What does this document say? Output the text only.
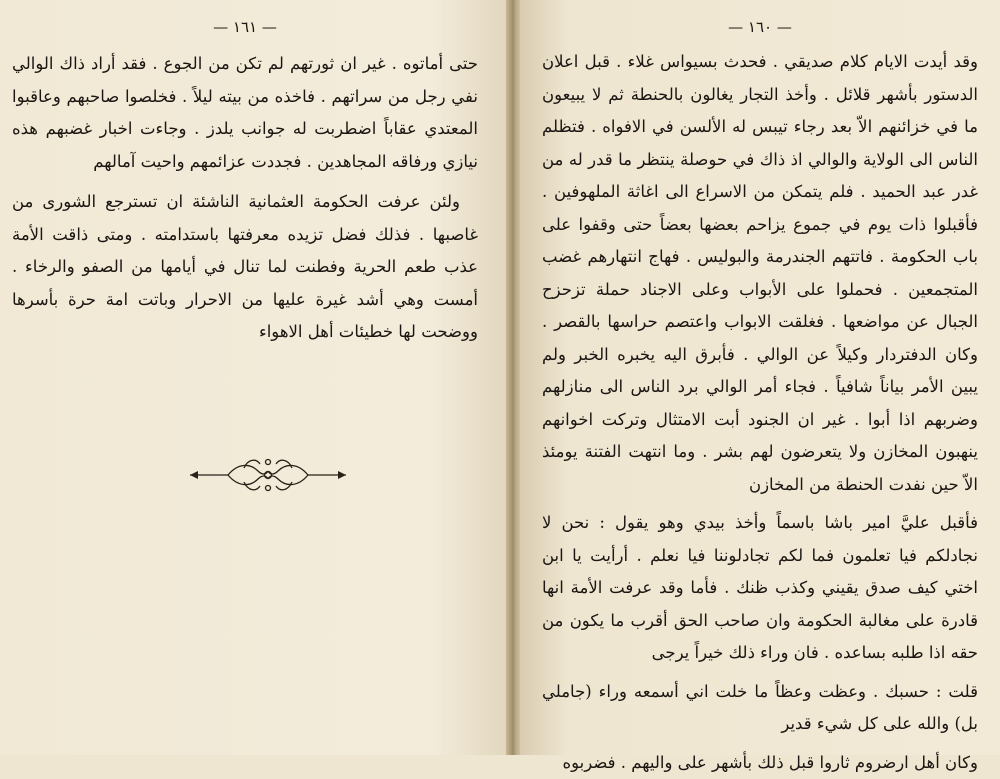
— ١٦١ —

حتى أماتوه . غير ان ثورتهم لم تكن من الجوع . فقد أراد ذاك الوالي نفي رجل من سراتهم . فاخذه من بيته ليلاً . فخلصوا صاحبهم وعاقبوا المعتدي عقاباً اضطربت له جوانب يلدز . وجاءت اخبار غضبهم هذه نيازي ورفاقه المجاهدين . فجددت عزائمهم واحيت آمالهم

ولئن عرفت الحكومة العثمانية الناشئة ان تسترجع الشورى من غاصبها . فذلك فضل تزيده معرفتها باستدامته . ومتى ذاقت الأمة عذب طعم الحرية وفطنت لما تنال في أيامها من الصفو والرخاء . أمست وهي أشد غيرة عليها من الاحرار وباتت امة حرة بأسرها ووضحت لها خطيئات أهل الاهواء

— ١٦٠ —

وقد أيدت الايام كلام صديقي . فحدث بسيواس غلاء . قبل اعلان الدستور بأشهر قلائل . وأخذ التجار يغالون بالحنطة ثم لا يبيعون ما في خزائنهم الاّ بعد رجاء تيبس له الألسن في الافواه . فتظلم الناس الى الولاية والوالي اذ ذاك في حوصلة ينتظر ما قدر له من غدر عبد الحميد . فلم يتمكن من الاسراع الى اغاثة الملهوفين . فأقبلوا ذات يوم في جموع يزاحم بعضها بعضاً حتى وقفوا على باب الحكومة . فاتتهم الجندرمة والبوليس . فهاج انتهارهم غضب المتجمعين . فحملوا على الأبواب وعلى الاجناد حملة تزحزح الجبال عن مواضعها . فغلقت الابواب واعتصم حراسها بالقصر . وكان الدفتردار وكيلاً عن الوالي . فأبرق اليه يخبره الخبر ولم يبين الأمر بياناً شافياً . فجاء أمر الوالي برد الناس الى منازلهم وضربهم اذا أبوا . غير ان الجنود أبت الامتثال وتركت اخوانهم ينهبون المخازن ولا يتعرضون لهم بشر . وما انتهت الفتنة يومئذ الاّ حين نفدت الحنطة من المخازن

فأقبل عليَّ امير باشا باسماً وأخذ بيدي وهو يقول : نحن لا نجادلكم فيا تعلمون فما لكم تجادلوننا فيا نعلم . أرأيت يا ابن اختي كيف صدق يقيني وكذب ظنك . فأما وقد عرفت الأمة انها قادرة على مغالبة الحكومة وان صاحب الحق أقرب ما يكون من حقه اذا طلبه بساعده . فان وراء ذلك خيراً يرجى

قلت : حسبك . وعظت وعظاً ما خلت اني أسمعه وراء (جاملي بل) والله على كل شيء قدير

وكان أهل ارضروم ثاروا قبل ذلك بأشهر على واليهم . فضربوه
